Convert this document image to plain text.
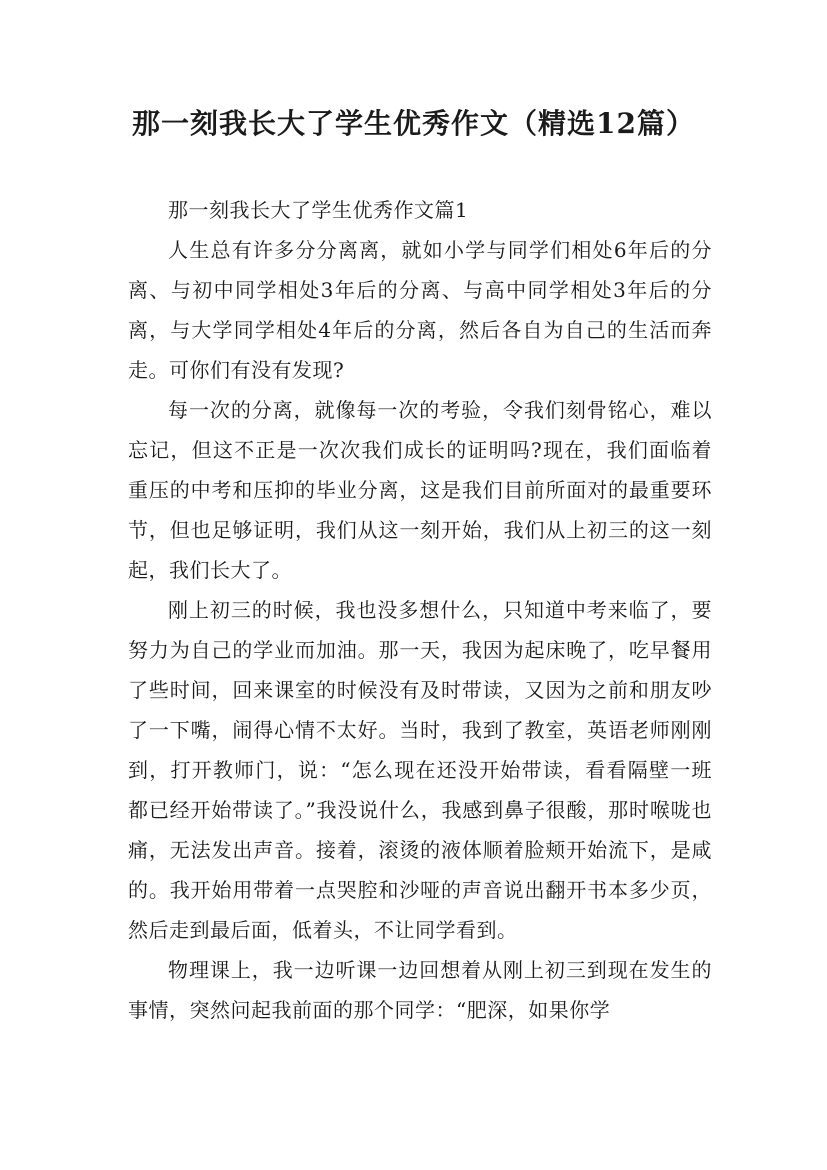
那一刻我长大了学生优秀作文（精选12篇）

那一刻我长大了学生优秀作文篇1

人生总有许多分分离离，就如小学与同学们相处6年后的分离、与初中同学相处3年后的分离、与高中同学相处3年后的分离，与大学同学相处4年后的分离，然后各自为自己的生活而奔走。可你们有没有发现?

每一次的分离，就像每一次的考验，令我们刻骨铭心，难以忘记，但这不正是一次次我们成长的证明吗?现在，我们面临着重压的中考和压抑的毕业分离，这是我们目前所面对的最重要环节，但也足够证明，我们从这一刻开始，我们从上初三的这一刻起，我们长大了。

刚上初三的时候，我也没多想什么，只知道中考来临了，要努力为自己的学业而加油。那一天，我因为起床晚了，吃早餐用了些时间，回来课室的时候没有及时带读，又因为之前和朋友吵了一下嘴，闹得心情不太好。当时，我到了教室，英语老师刚刚到，打开教师门，说：“怎么现在还没开始带读，看看隔壁一班都已经开始带读了。”我没说什么，我感到鼻子很酸，那时喉咙也痛，无法发出声音。接着，滚烫的液体顺着脸颊开始流下，是咸的。我开始用带着一点哭腔和沙哑的声音说出翻开书本多少页，然后走到最后面，低着头，不让同学看到。

物理课上，我一边听课一边回想着从刚上初三到现在发生的事情，突然问起我前面的那个同学：“肥深，如果你学
